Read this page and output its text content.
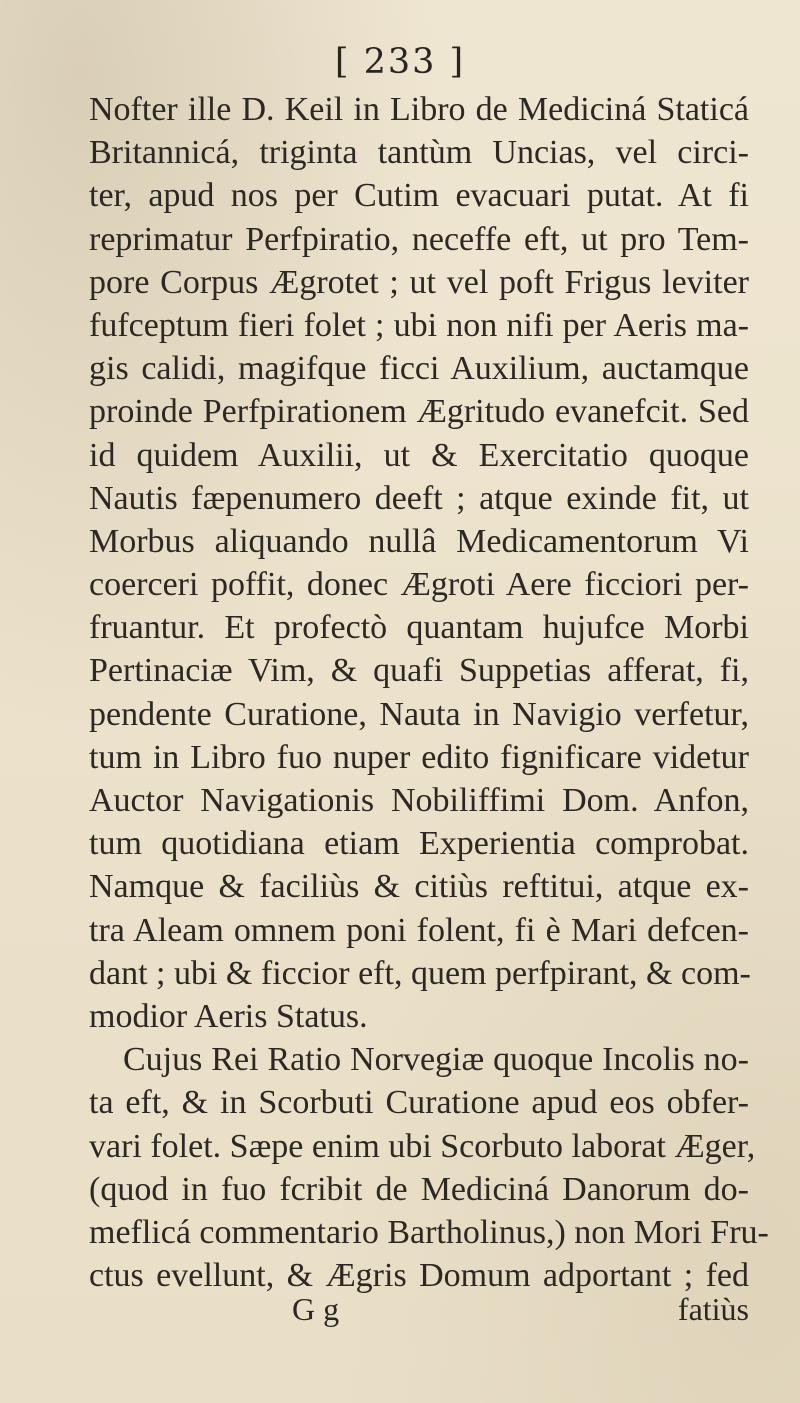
[ 233 ]
Nofter ille D. Keil in Libro de Mediciná Staticá
Britannicá, triginta tantùm Uncias, vel circi-
ter, apud nos per Cutim evacuari putat. At fi
reprimatur Perfpiratio, neceffe eft, ut pro Tem-
pore Corpus Ægrotet ; ut vel poft Frigus leviter
fufceptum fieri folet ; ubi non nifi per Aeris ma-
gis calidi, magifque ficci Auxilium, auctamque
proinde Perfpirationem Ægritudo evanefcit. Sed
id quidem Auxilii, ut & Exercitatio quoque
Nautis fæpenumero deeft ; atque exinde fit, ut
Morbus aliquando nullâ Medicamentorum Vi
coerceri poffit, donec Ægroti Aere ficciori per-
fruantur. Et profectò quantam hujufce Morbi
Pertinaciæ Vim, & quafi Suppetias afferat, fi,
pendente Curatione, Nauta in Navigio verfetur,
tum in Libro fuo nuper edito fignificare videtur
Auctor Navigationis Nobiliffimi Dom. Anfon,
tum quotidiana etiam Experientia comprobat.
Namque & faciliùs & citiùs reftitui, atque ex-
tra Aleam omnem poni folent, fi è Mari defcen-
dant ; ubi & ficcior eft, quem perfpirant, & com-
modior Aeris Status.
Cujus Rei Ratio Norvegiæ quoque Incolis no-
ta eft, & in Scorbuti Curatione apud eos obfer-
vari folet. Sæpe enim ubi Scorbuto laborat Æger,
(quod in fuo fcribit de Mediciná Danorum do-
meflicá commentario Bartholinus,) non Mori Fru-
ctus evellunt, & Ægris Domum adportant ; fed
G g	fatiùs
